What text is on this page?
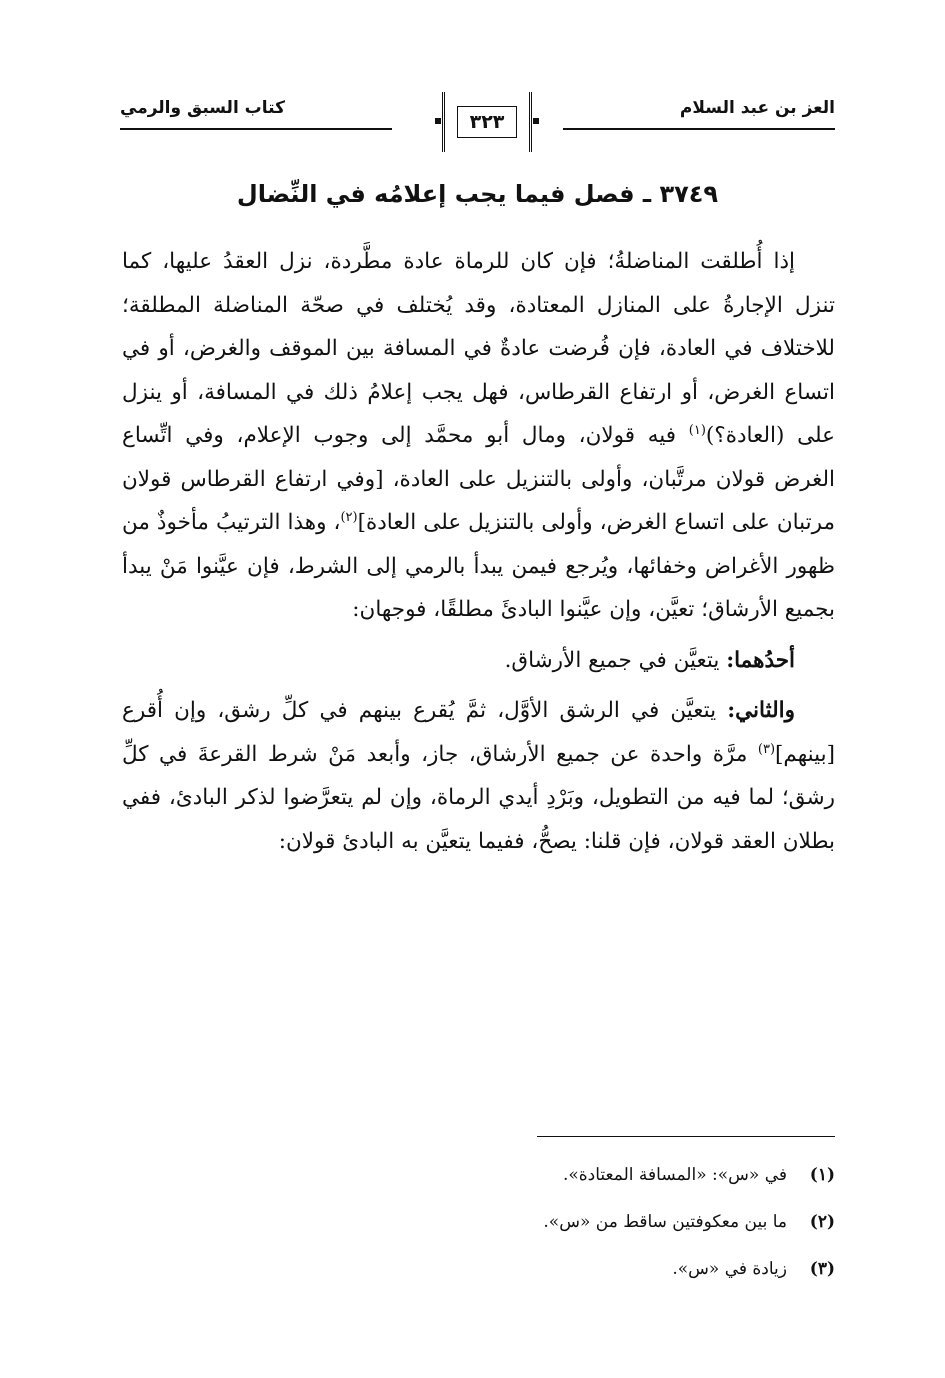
العز بن عبد السلام
٣٢٣
كتاب السبق والرمي
٣٧٤٩ ـ فصل فيما يجب إعلامُه في النِّضال

إذا أُطلقت المناضلةُ؛ فإن كان للرماة عادة مطَّردة، نزل العقدُ عليها، كما تنزل الإجارةُ على المنازل المعتادة، وقد يُختلف في صحّة المناضلة المطلقة؛ للاختلاف في العادة، فإن فُرضت عادةٌ في المسافة بين الموقف والغرض، أو في اتساع الغرض، أو ارتفاع القرطاس، فهل يجب إعلامُ ذلك في المسافة، أو ينزل على (العادة؟)$^{(١)}$ فيه قولان، ومال أبو محمَّد إلى وجوب الإعلام، وفي اتِّساع الغرض قولان مرتَّبان، وأولى بالتنزيل على العادة، [وفي ارتفاع القرطاس قولان مرتبان على اتساع الغرض، وأولى بالتنزيل على العادة]$^{(٢)}$، وهذا الترتيبُ مأخوذٌ من ظهور الأغراض وخفائها، ويُرجع فيمن يبدأ بالرمي إلى الشرط، فإن عيَّنوا مَنْ يبدأ بجميع الأرشاق؛ تعيَّن، وإن عيَّنوا البادئَ مطلقًا، فوجهان:

أحدُهما: يتعيَّن في جميع الأرشاق.

والثاني: يتعيَّن في الرشق الأوَّل، ثمَّ يُقرع بينهم في كلِّ رشق، وإن أُقرع [بينهم]$^{(٣)}$ مرَّة واحدة عن جميع الأرشاق، جاز، وأبعد مَنْ شرط القرعةَ في كلِّ رشق؛ لما فيه من التطويل، وبَرْدِ أيدي الرماة، وإن لم يتعرَّضوا لذكر البادئ، ففي بطلان العقد قولان، فإن قلنا: يصحُّ، ففيما يتعيَّن به البادئ قولان:

(١)
في «س»: «المسافة المعتادة».
(٢)
ما بين معكوفتين ساقط من «س».
(٣)
زيادة في «س».
